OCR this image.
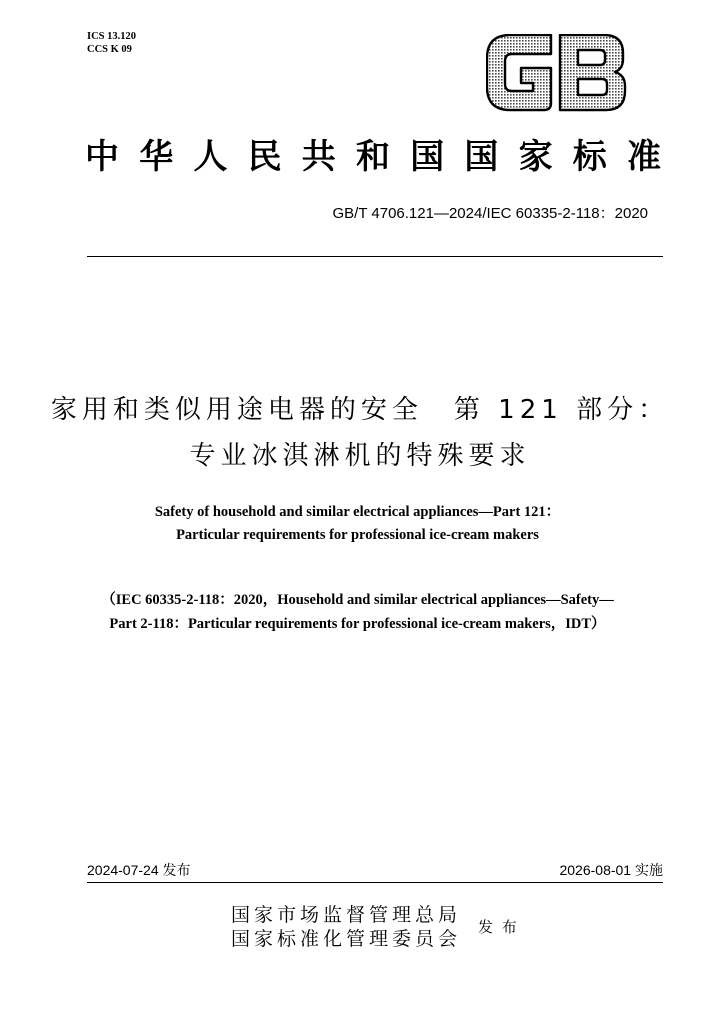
ICS 13.120
CCS K 09
中华人民共和国国家标准
GB/T 4706.121—2024/IEC 60335-2-118：2020
家用和类似用途电器的安全　第 121 部分：
专业冰淇淋机的特殊要求
Safety of household and similar electrical appliances—Part 121：
Particular requirements for professional ice-cream makers
（IEC 60335-2-118：2020，Household and similar electrical appliances—Safety—
Part 2-118：Particular requirements for professional ice-cream makers，IDT）
2024-07-24 发布	2026-08-01 实施
国家市场监督管理总局
国家标准化管理委员会
发 布
